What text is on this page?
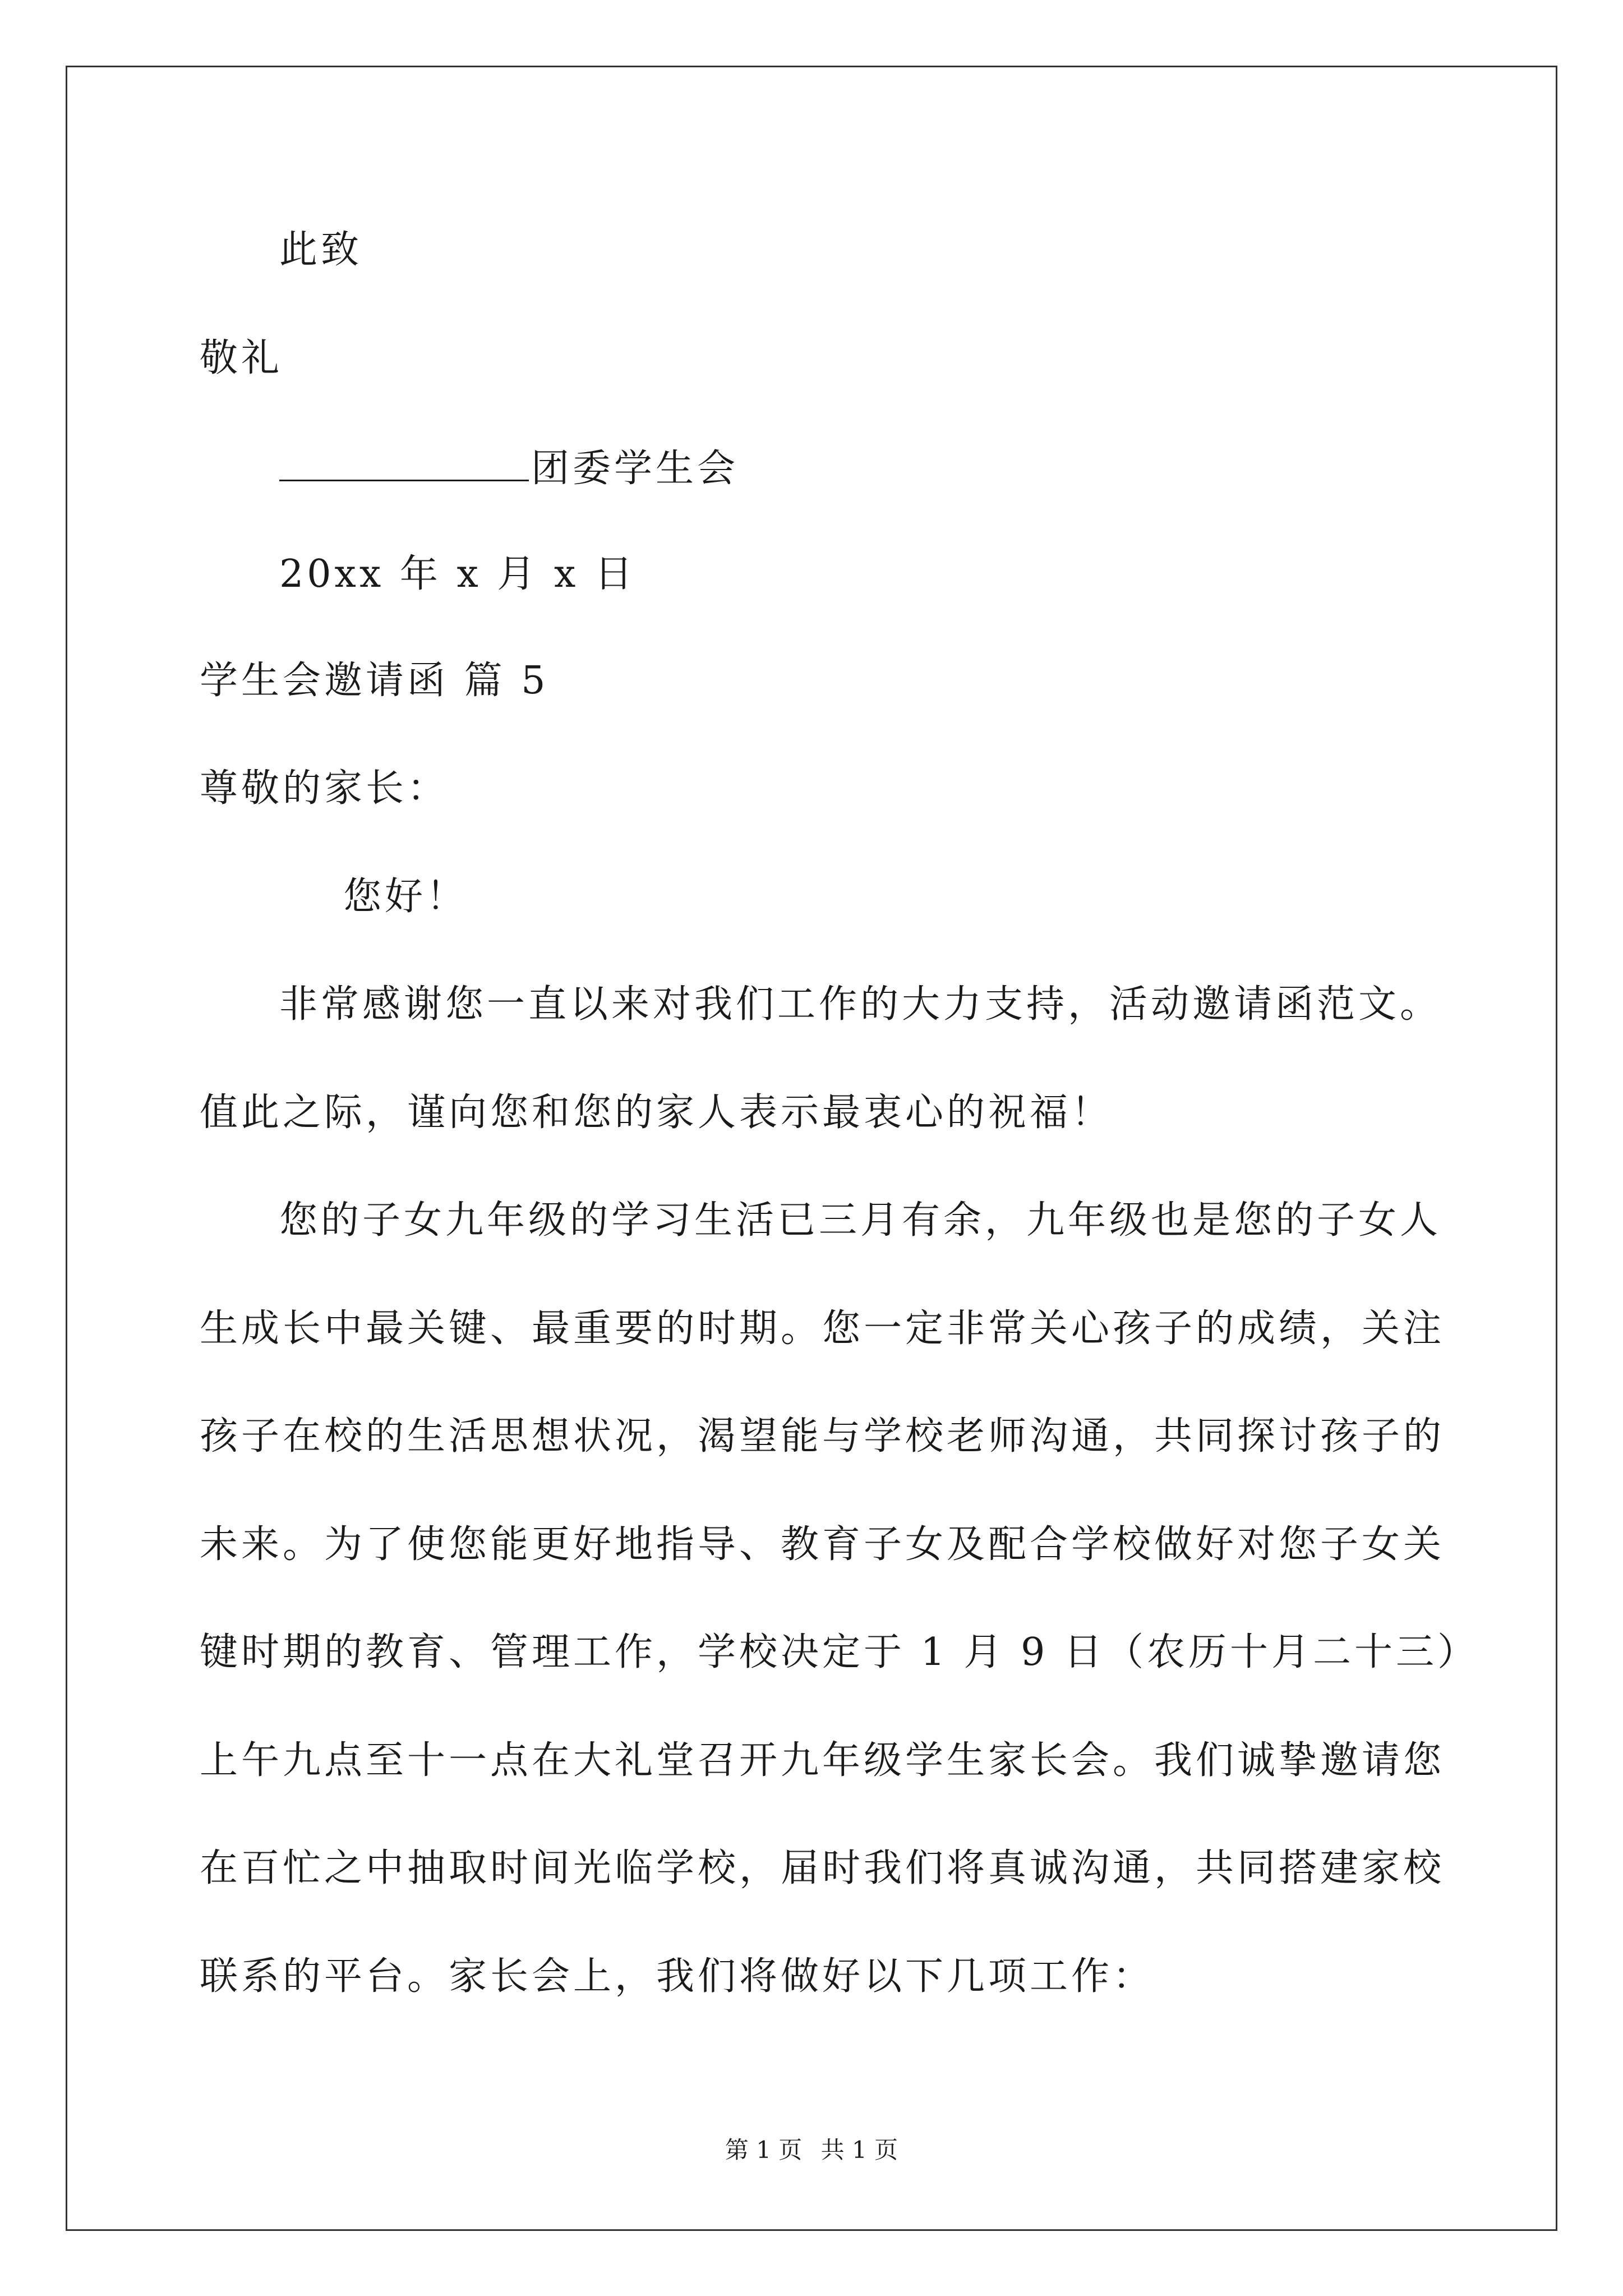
此致
敬礼
团委学生会
20xx 年 x 月 x 日
学生会邀请函 篇 5
尊敬的家长：
您好！
非常感谢您一直以来对我们工作的大力支持，活动邀请函范文。
值此之际，谨向您和您的家人表示最衷心的祝福！
您的子女九年级的学习生活已三月有余，九年级也是您的子女人
生成长中最关键、最重要的时期。您一定非常关心孩子的成绩，关注
孩子在校的生活思想状况，渴望能与学校老师沟通，共同探讨孩子的
未来。为了使您能更好地指导、教育子女及配合学校做好对您子女关
键时期的教育、管理工作，学校决定于 1 月 9 日（农历十月二十三）
上午九点至十一点在大礼堂召开九年级学生家长会。我们诚挚邀请您
在百忙之中抽取时间光临学校，届时我们将真诚沟通，共同搭建家校
联系的平台。家长会上，我们将做好以下几项工作：
第 1 页 共 1 页
